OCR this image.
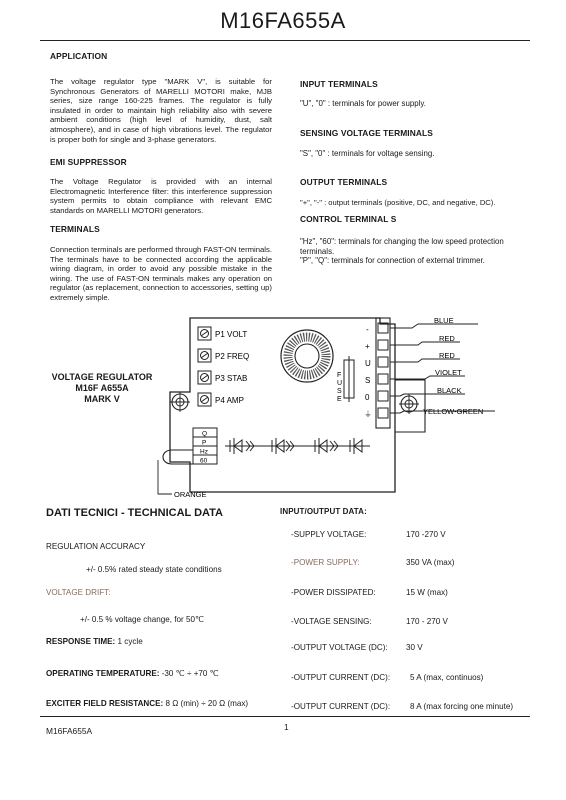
M16FA655A
APPLICATION
The voltage regulator type "MARK V", is suitable for Synchronous Generators of MARELLI MOTORI make, MJB series, size range 160-225 frames. The regulator is fully insulated in order to maintain high reliability also with severe ambient conditions (high level of humidity, dust, salt atmosphere), and in case of high vibrations level. The regulator is proper both for single and 3-phase generators.
EMI SUPPRESSOR
The Voltage Regulator is provided with an internal Electromagnetic Interference filter: this interference suppression system permits to obtain compliance with relevant EMC standards on MARELLI MOTORI generators.
TERMINALS
Connection terminals are performed through FAST-ON terminals. The terminals have to be connected according the applicable wiring diagram, in order to avoid any possible mistake in the wiring. The use of FAST-ON terminals makes any operation on regulator (as replacement, connection to accessories, setting up) extremely simple.
INPUT TERMINALS
"U", "0" : terminals for power supply.
SENSING VOLTAGE TERMINALS
"S", "0" : terminals for voltage sensing.
OUTPUT TERMINALS
"+", "-" : output terminals (positive, DC, and negative, DC).
CONTROL TERMINAL S
"Hz", "60": terminals for changing the low speed protection terminals.
"P", "Q": terminals for connection of external trimmer.
VOLTAGE REGULATOR
M16F A655A
MARK V
P1 VOLT
P2 FREQ
P3 STAB
P4 AMP
F
U
S
E
-
+
U
S
0
⏚
BLUE
RED
RED
VIOLET
BLACK
YELLOW-GREEN
Q
P
Hz
60
ORANGE
DATI TECNICI - TECHNICAL DATA	INPUT/OUTPUT DATA:
REGULATION ACCURACY
+/- 0.5% rated steady state conditions
VOLTAGE DRIFT:
+/- 0.5 % voltage change, for 50℃
RESPONSE TIME: 1 cycle
OPERATING TEMPERATURE: -30 ℃ ÷ +70 ℃
EXCITER FIELD RESISTANCE: 8 Ω (min) ÷ 20 Ω (max)
-SUPPLY VOLTAGE:	170 -270 V
-POWER SUPPLY:	350 VA (max)
-POWER DISSIPATED:	15 W (max)
-VOLTAGE SENSING:	170 - 270 V
-OUTPUT VOLTAGE (DC): 30 V
-OUTPUT CURRENT (DC): 5 A (max, continuos)
-OUTPUT CURRENT (DC): 8 A (max forcing one minute)
M16FA655A	1
